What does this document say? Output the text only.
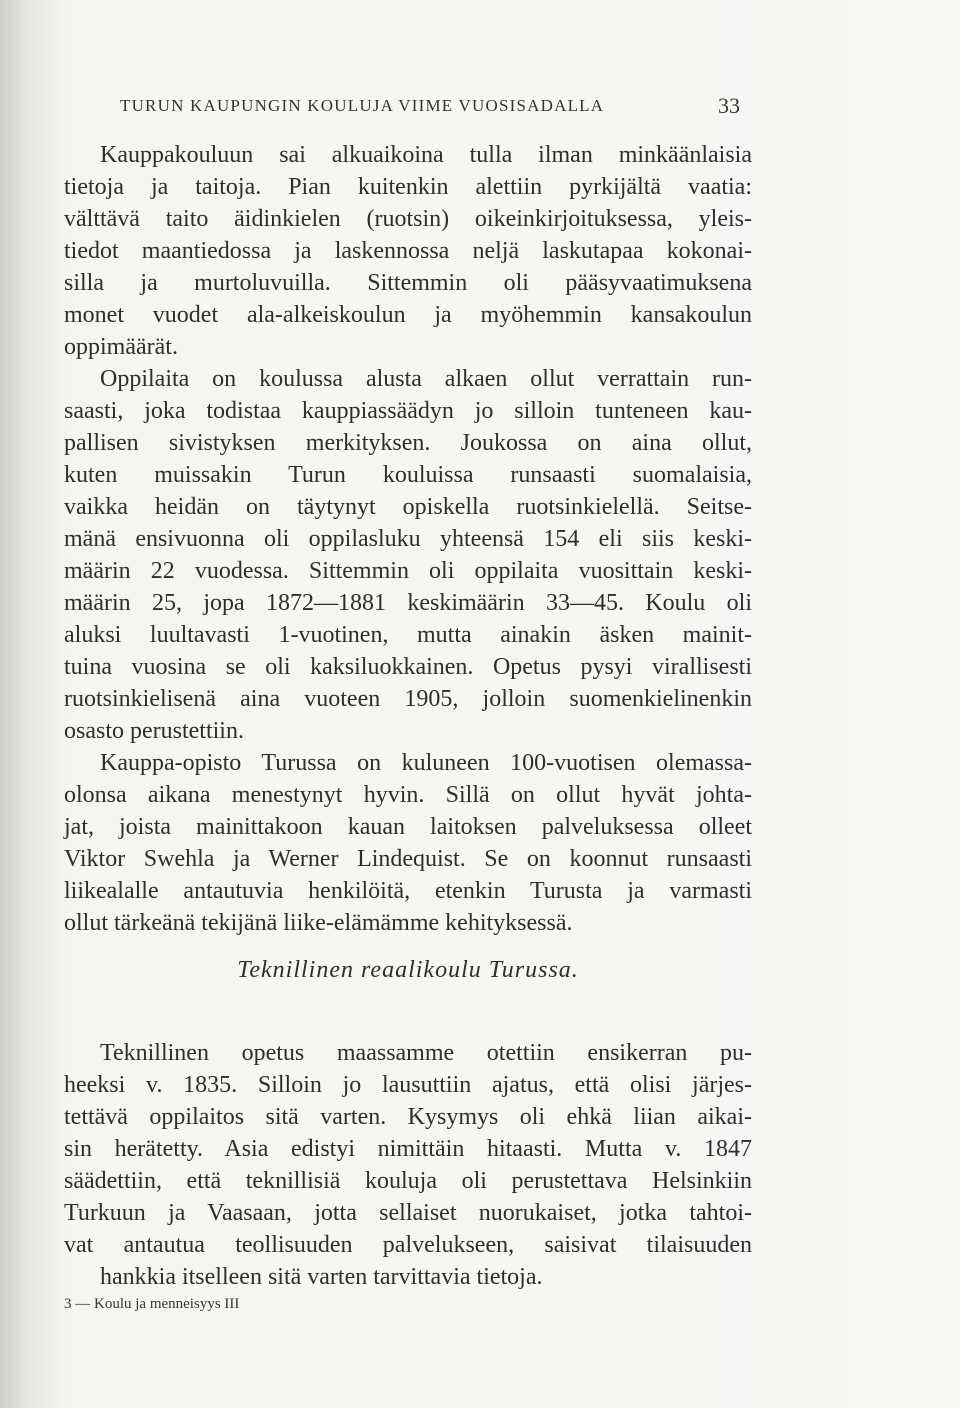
TURUN KAUPUNGIN KOULUJA VIIME VUOSISADALLA	33
Kauppakouluun sai alkuaikoina tulla ilman minkäänlaisia
tietoja ja taitoja. Pian kuitenkin alettiin pyrkijältä vaatia:
välttävä taito äidinkielen (ruotsin) oikeinkirjoituksessa, yleis-
tiedot maantiedossa ja laskennossa neljä laskutapaa kokonai-
silla ja murtoluvuilla. Sittemmin oli pääsyvaatimuksena
monet vuodet ala-alkeiskoulun ja myöhemmin kansakoulun
oppimäärät.
Oppilaita on koulussa alusta alkaen ollut verrattain run-
saasti, joka todistaa kauppiassäädyn jo silloin tunteneen kau-
pallisen sivistyksen merkityksen. Joukossa on aina ollut,
kuten muissakin Turun kouluissa runsaasti suomalaisia,
vaikka heidän on täytynyt opiskella ruotsinkielellä. Seitse-
mänä ensivuonna oli oppilasluku yhteensä 154 eli siis keski-
määrin 22 vuodessa. Sittemmin oli oppilaita vuosittain keski-
määrin 25, jopa 1872—1881 keskimäärin 33—45. Koulu oli
aluksi luultavasti 1-vuotinen, mutta ainakin äsken mainit-
tuina vuosina se oli kaksiluokkainen. Opetus pysyi virallisesti
ruotsinkielisenä aina vuoteen 1905, jolloin suomenkielinenkin
osasto perustettiin.
Kauppa-opisto Turussa on kuluneen 100-vuotisen olemassa-
olonsa aikana menestynyt hyvin. Sillä on ollut hyvät johta-
jat, joista mainittakoon kauan laitoksen palveluksessa olleet
Viktor Swehla ja Werner Lindequist. Se on koonnut runsaasti
liikealalle antautuvia henkilöitä, etenkin Turusta ja varmasti
ollut tärkeänä tekijänä liike-elämämme kehityksessä.
Teknillinen reaalikoulu Turussa.
Teknillinen opetus maassamme otettiin ensikerran pu-
heeksi v. 1835. Silloin jo lausuttiin ajatus, että olisi järjes-
tettävä oppilaitos sitä varten. Kysymys oli ehkä liian aikai-
sin herätetty. Asia edistyi nimittäin hitaasti. Mutta v. 1847
säädettiin, että teknillisiä kouluja oli perustettava Helsinkiin
Turkuun ja Vaasaan, jotta sellaiset nuorukaiset, jotka tahtoi-
vat antautua teollisuuden palvelukseen, saisivat tilaisuuden
hankkia itselleen sitä varten tarvittavia tietoja.
3 — Koulu ja menneisyys III
